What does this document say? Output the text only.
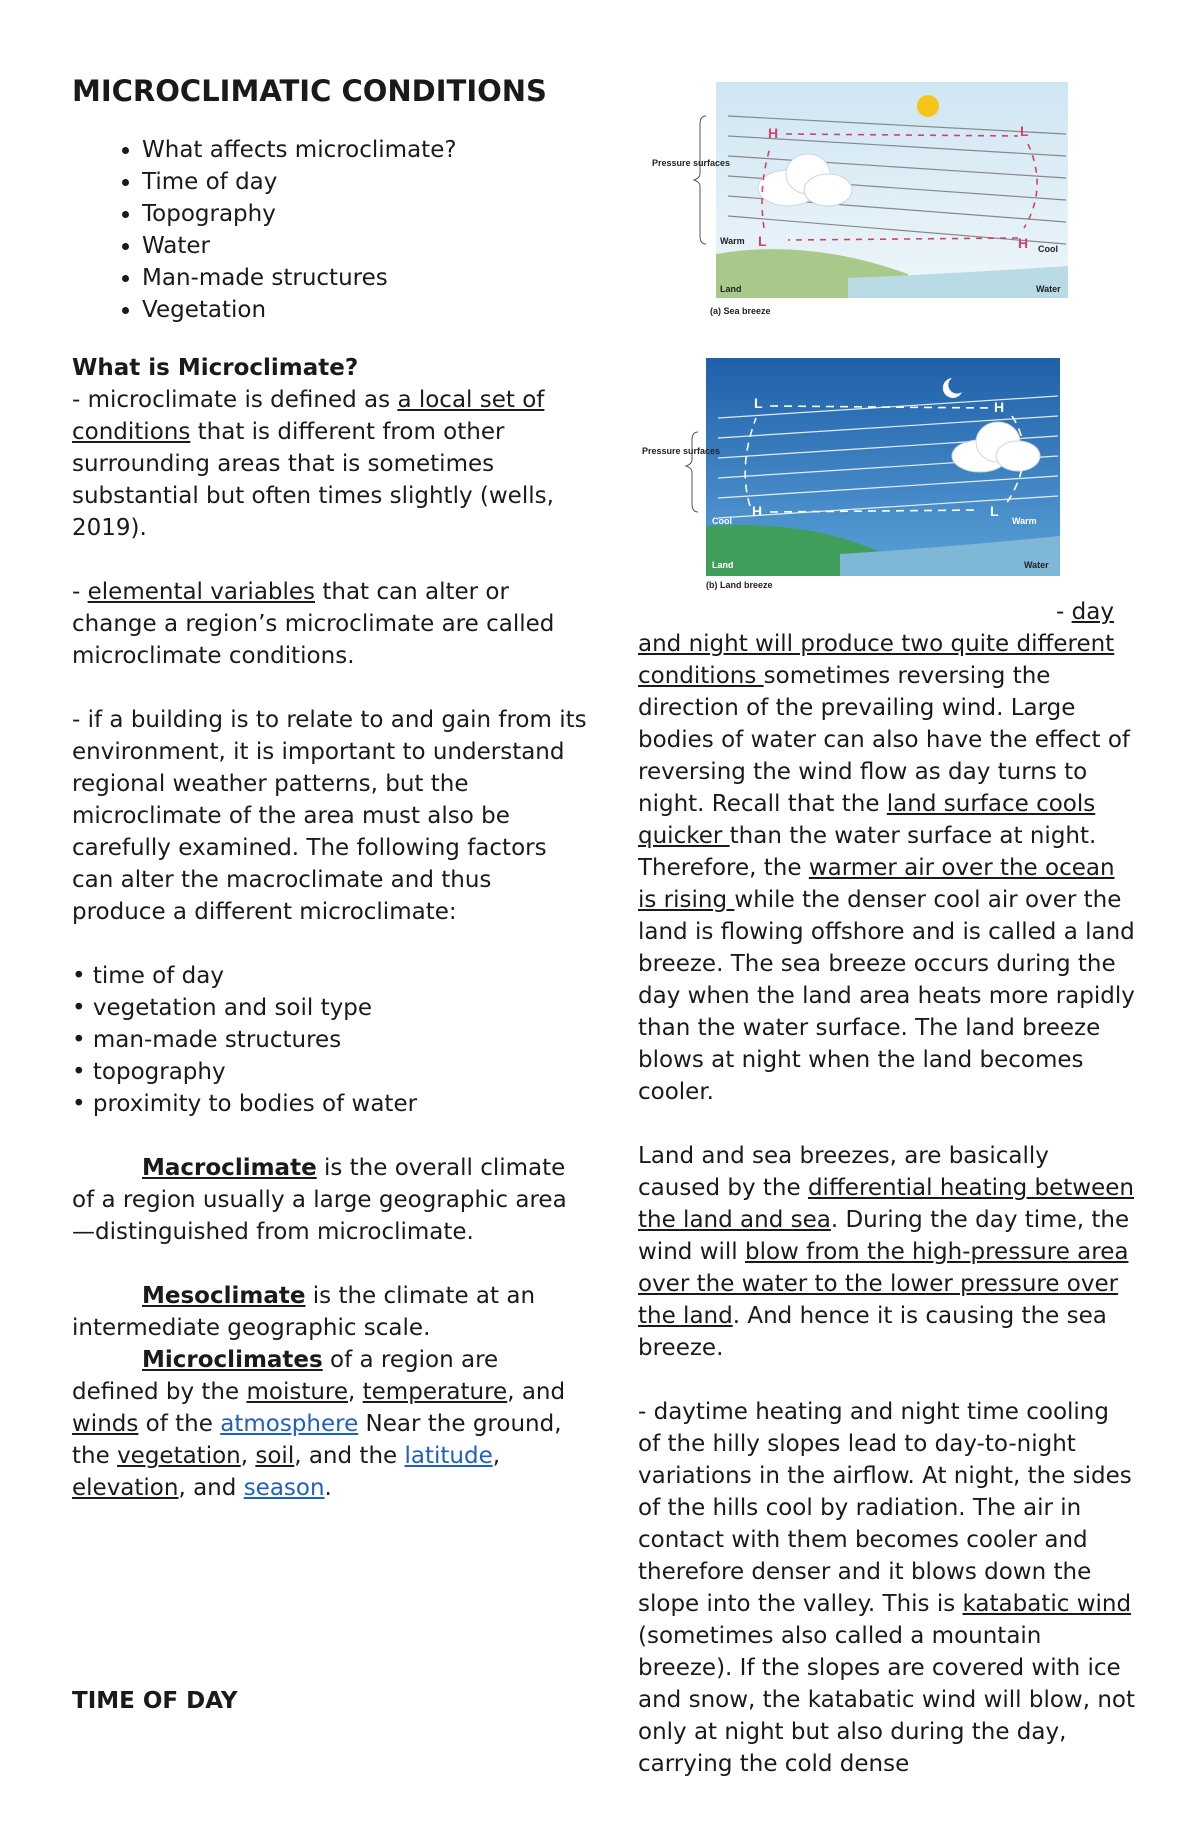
MICROCLIMATIC CONDITIONS
• What affects microclimate?
• Time of day
• Topography
• Water
• Man-made structures
• Vegetation
What is Microclimate?

- microclimate is defined as a local set of conditions that is different from other surrounding areas that is sometimes substantial but often times slightly (wells, 2019).

- elemental variables that can alter or change a region’s microclimate are called microclimate conditions.

- if a building is to relate to and gain from its environment, it is important to understand regional weather patterns, but the microclimate of the area must also be carefully examined. The following factors can alter the macroclimate and thus produce a different microclimate:

• time of day
• vegetation and soil type
• man-made structures
• topography
• proximity to bodies of water

Macroclimate is the overall climate of a region usually a large geographic area —distinguished from microclimate.

Mesoclimate is the climate at an intermediate geographic scale.

Microclimates of a region are defined by the moisture, temperature, and winds of the atmosphere Near the ground, the vegetation, soil, and the latitude, elevation, and season.

TIME OF DAY
H	L
L	H
Pressure surfaces
Warm
Cool
Land	Water
(a) Sea breeze
L	H
H	L
Pressure surfaces
Cool	Warm
Land	Water
(b) Land breeze

- day and night will produce two quite different conditions sometimes reversing the direction of the prevailing wind. Large bodies of water can also have the effect of reversing the wind flow as day turns to night. Recall that the land surface cools quicker than the water surface at night. Therefore, the warmer air over the ocean is rising while the denser cool air over the land is flowing offshore and is called a land breeze. The sea breeze occurs during the day when the land area heats more rapidly than the water surface. The land breeze blows at night when the land becomes cooler.

Land and sea breezes, are basically caused by the differential heating between the land and sea. During the day time, the wind will blow from the high-pressure area over the water to the lower pressure over the land. And hence it is causing the sea breeze.

- daytime heating and night time cooling of the hilly slopes lead to day-to-night variations in the airflow. At night, the sides of the hills cool by radiation. The air in contact with them becomes cooler and therefore denser and it blows down the slope into the valley. This is katabatic wind (sometimes also called a mountain breeze). If the slopes are covered with ice and snow, the katabatic wind will blow, not only at night but also during the day, carrying the cold dense
